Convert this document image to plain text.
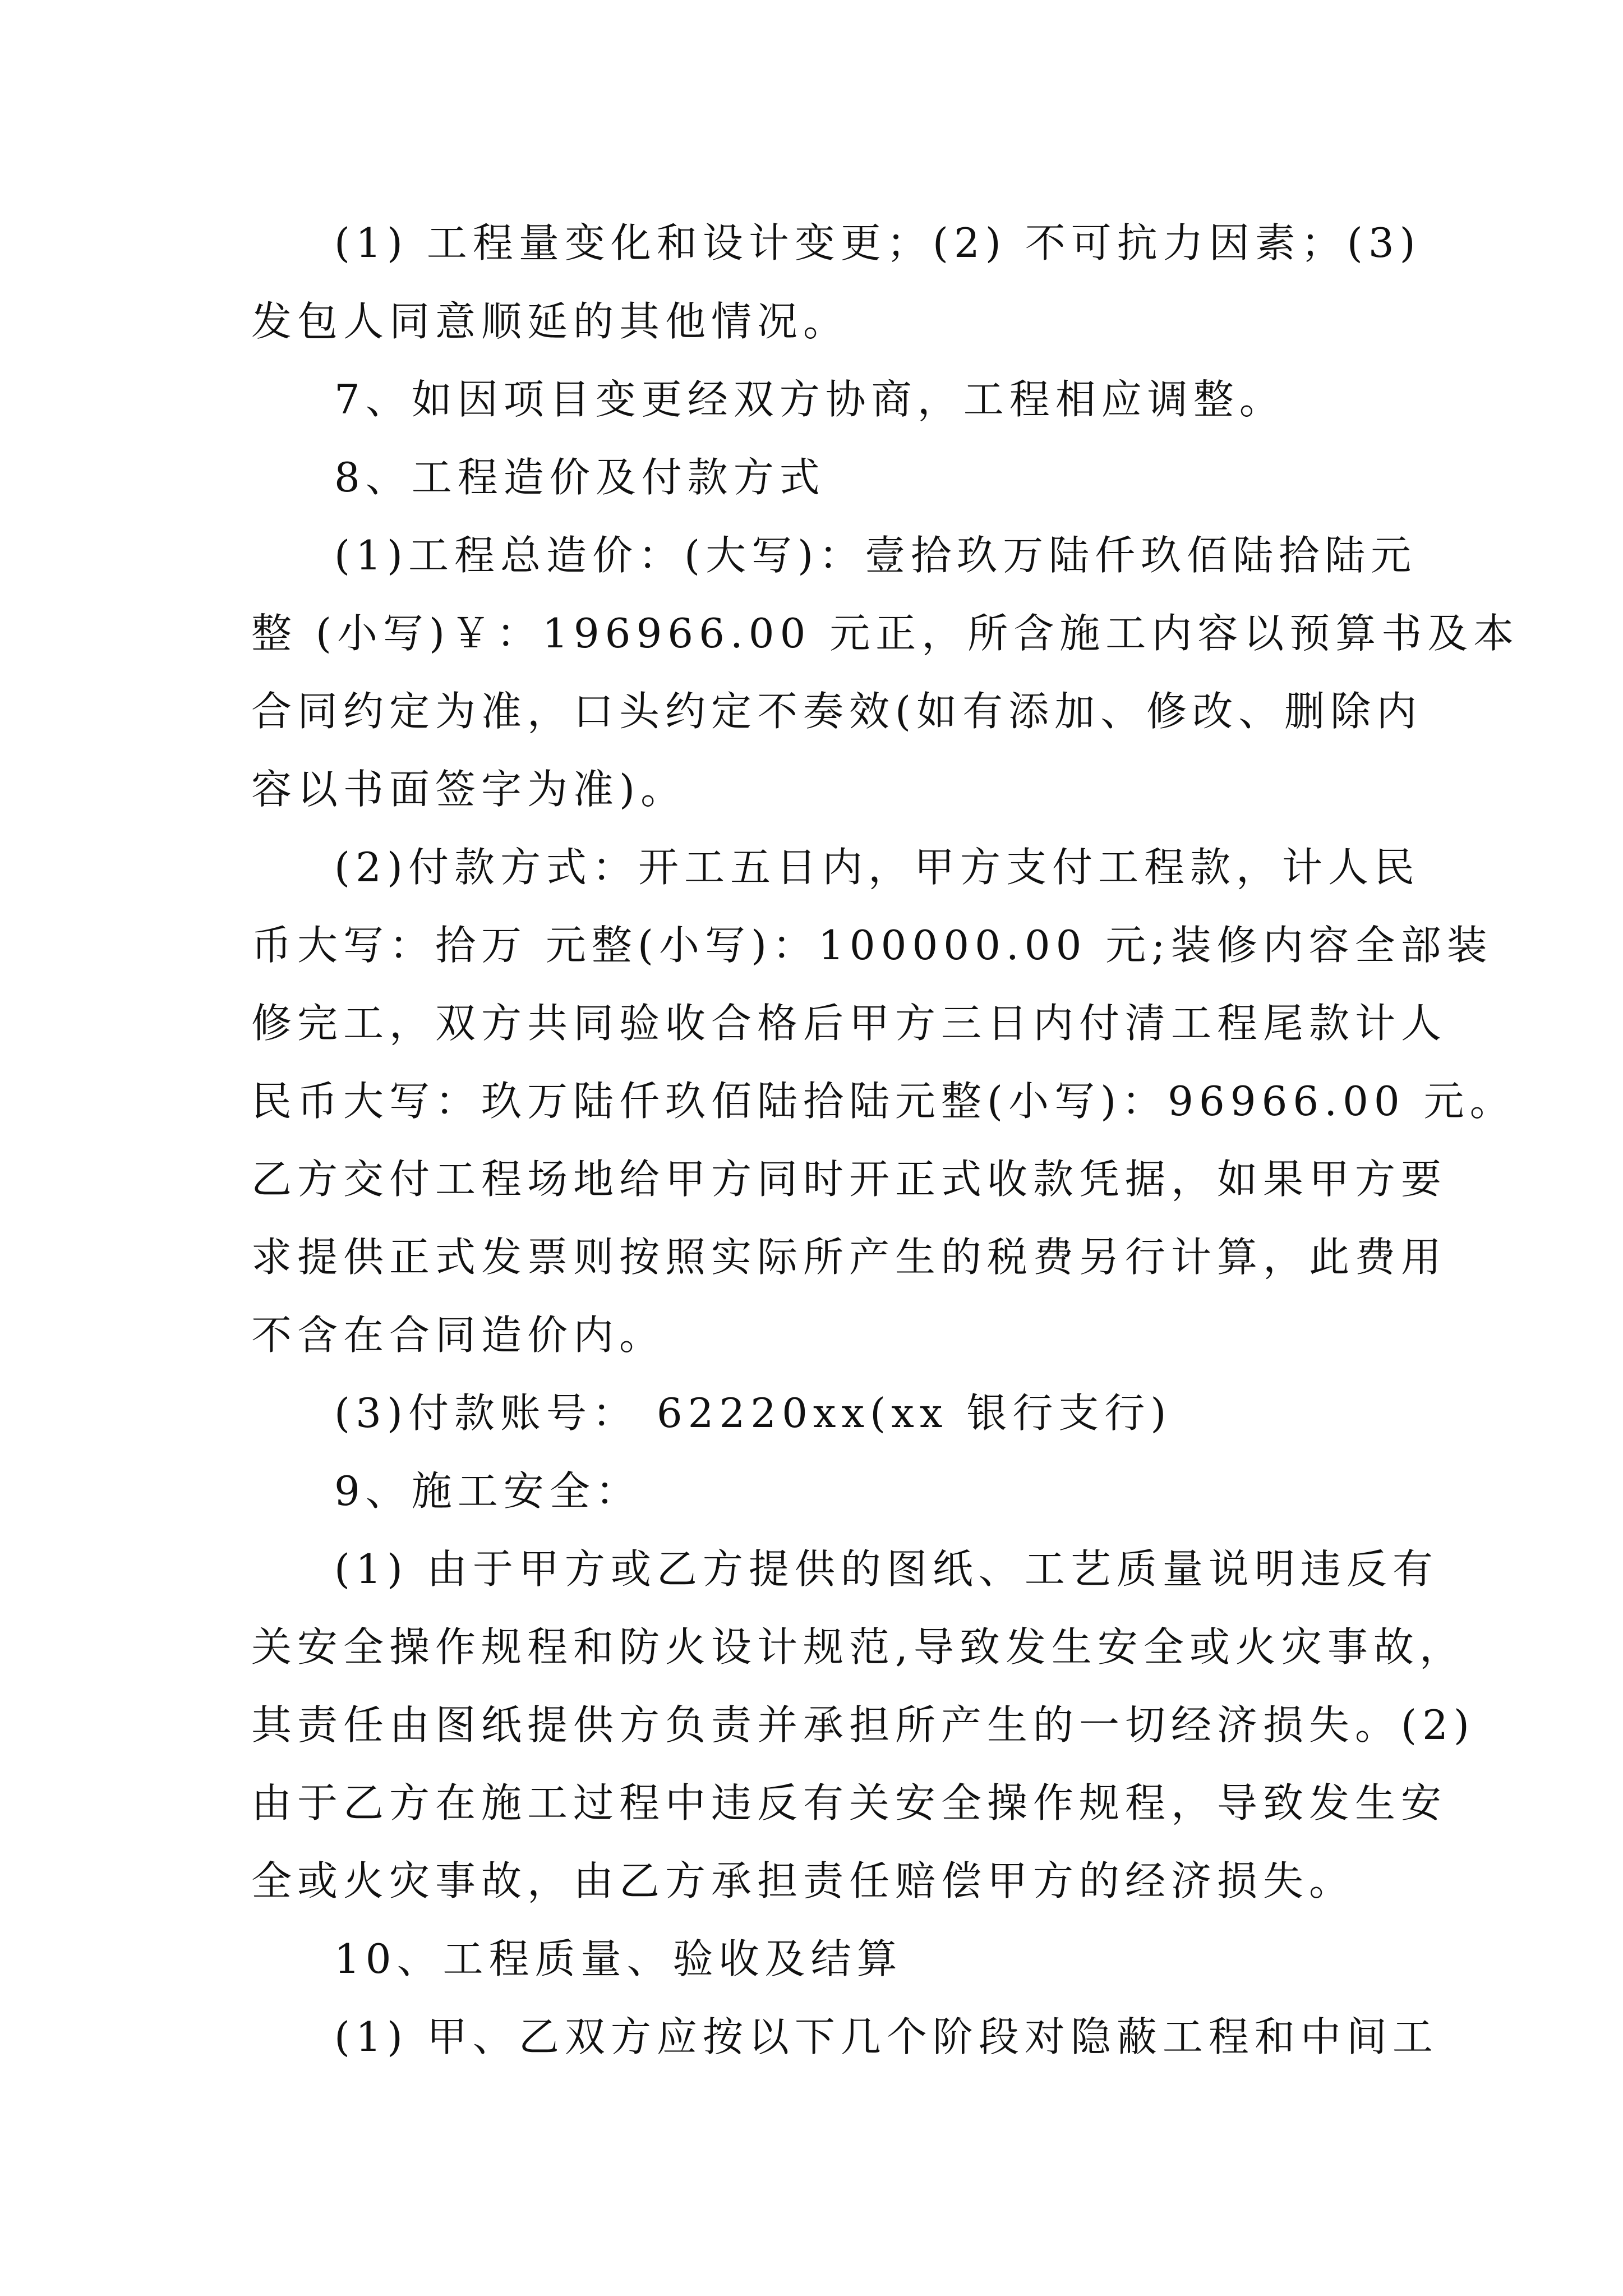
(1) 工程量变化和设计变更；(2) 不可抗力因素；(3)
发包人同意顺延的其他情况。
7、如因项目变更经双方协商，工程相应调整。
8、工程造价及付款方式
(1)工程总造价：(大写)：壹拾玖万陆仟玖佰陆拾陆元
整 (小写)￥：196966.00 元正，所含施工内容以预算书及本
合同约定为准，口头约定不奏效(如有添加、修改、删除内
容以书面签字为准)。
(2)付款方式：开工五日内，甲方支付工程款，计人民
币大写：拾万 元整(小写)：100000.00 元;装修内容全部装
修完工，双方共同验收合格后甲方三日内付清工程尾款计人
民币大写：玖万陆仟玖佰陆拾陆元整(小写)：96966.00 元。
乙方交付工程场地给甲方同时开正式收款凭据，如果甲方要
求提供正式发票则按照实际所产生的税费另行计算，此费用
不含在合同造价内。
(3)付款账号： 62220xx(xx 银行支行)
9、施工安全：
(1) 由于甲方或乙方提供的图纸、工艺质量说明违反有
关安全操作规程和防火设计规范,导致发生安全或火灾事故，
其责任由图纸提供方负责并承担所产生的一切经济损失。(2)
由于乙方在施工过程中违反有关安全操作规程，导致发生安
全或火灾事故，由乙方承担责任赔偿甲方的经济损失。
10、工程质量、验收及结算
(1) 甲、乙双方应按以下几个阶段对隐蔽工程和中间工
